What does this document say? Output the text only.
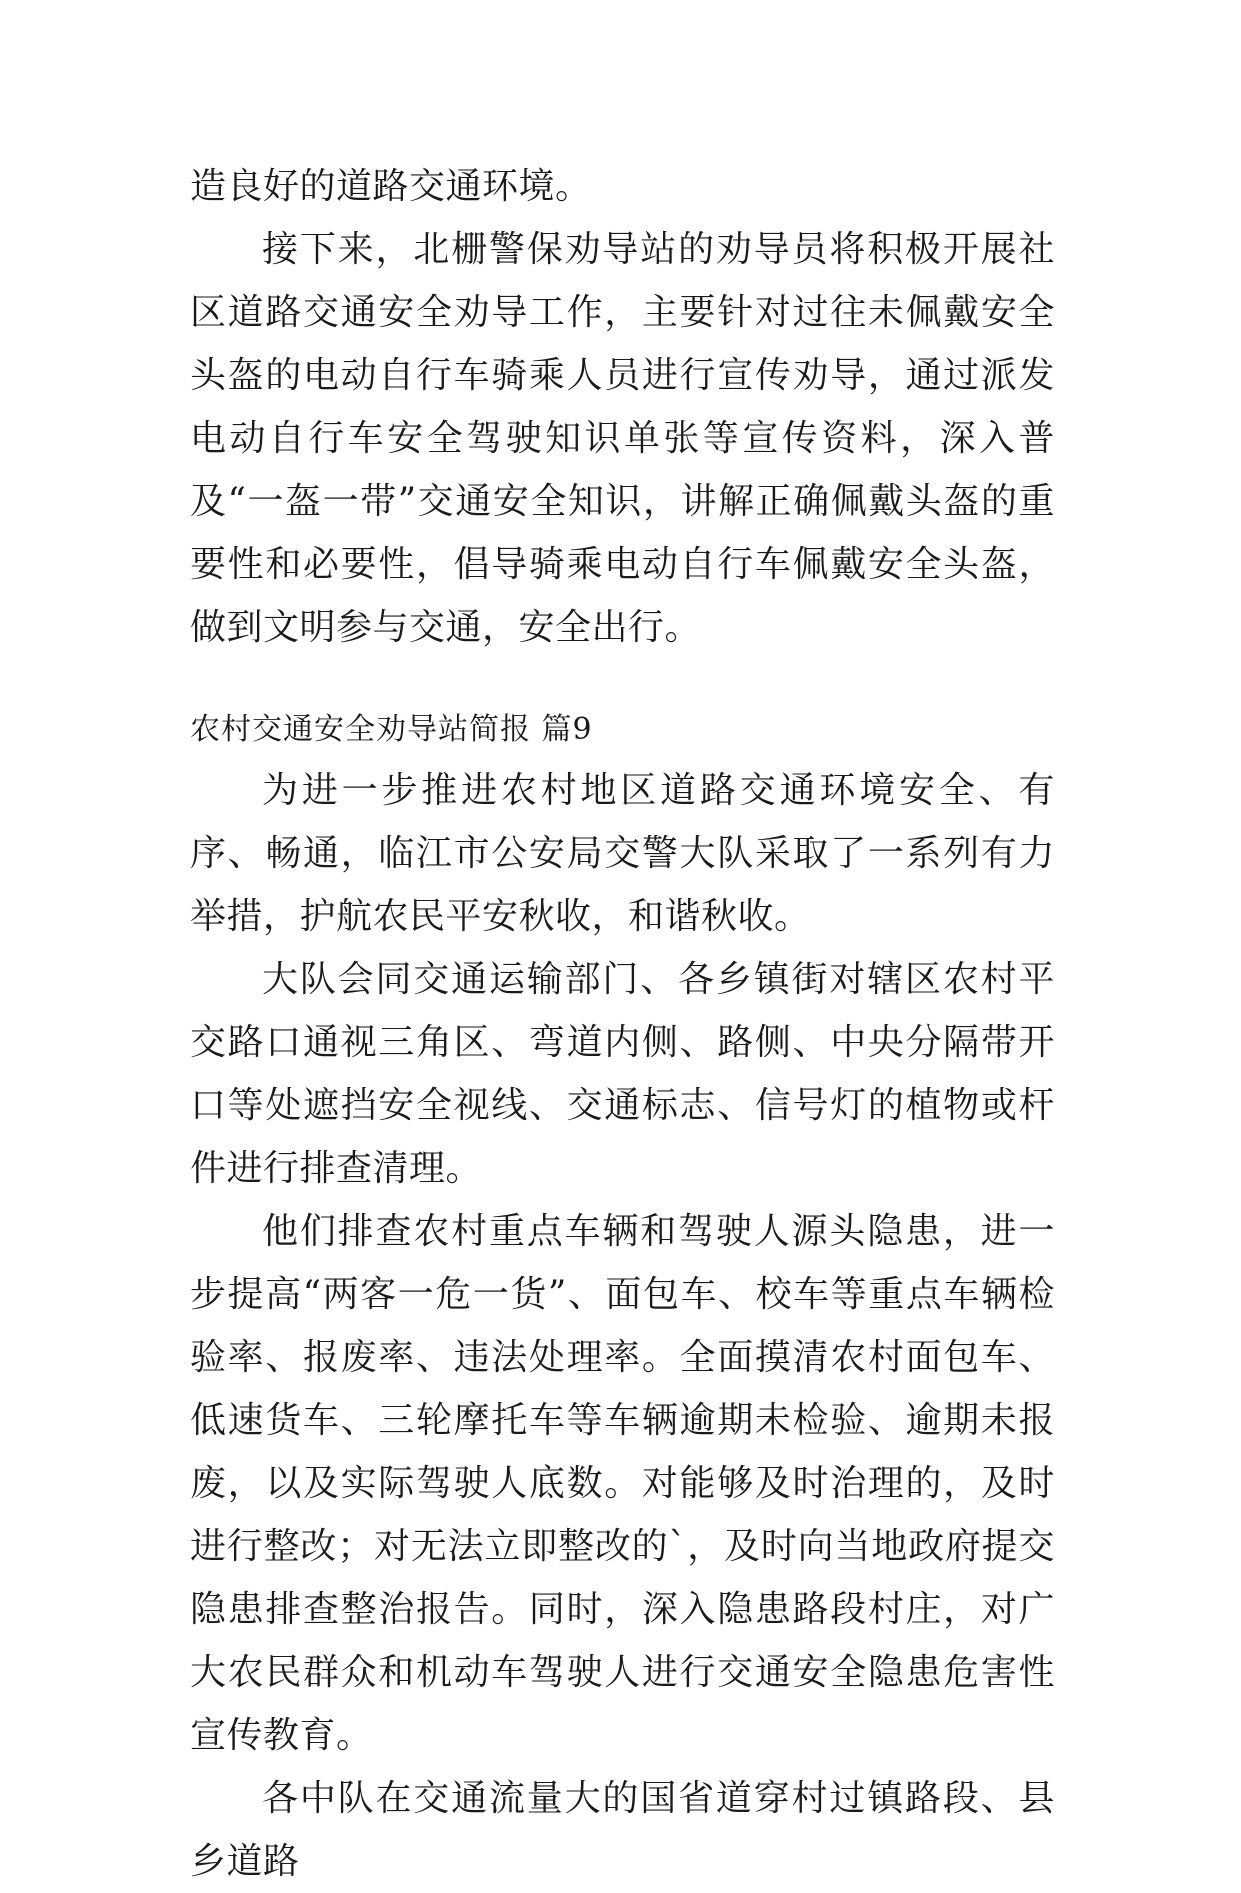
造良好的道路交通环境。

接下来，北栅警保劝导站的劝导员将积极开展社区道路交通安全劝导工作，主要针对过往未佩戴安全头盔的电动自行车骑乘人员进行宣传劝导，通过派发电动自行车安全驾驶知识单张等宣传资料，深入普及“一盔一带”交通安全知识，讲解正确佩戴头盔的重要性和必要性，倡导骑乘电动自行车佩戴安全头盔，做到文明参与交通，安全出行。

农村交通安全劝导站简报 篇9

为进一步推进农村地区道路交通环境安全、有序、畅通，临江市公安局交警大队采取了一系列有力举措，护航农民平安秋收，和谐秋收。

大队会同交通运输部门、各乡镇街对辖区农村平交路口通视三角区、弯道内侧、路侧、中央分隔带开口等处遮挡安全视线、交通标志、信号灯的植物或杆件进行排查清理。

他们排查农村重点车辆和驾驶人源头隐患，进一步提高“两客一危一货”、面包车、校车等重点车辆检验率、报废率、违法处理率。全面摸清农村面包车、低速货车、三轮摩托车等车辆逾期未检验、逾期未报废，以及实际驾驶人底数。对能够及时治理的，及时进行整改；对无法立即整改的`，及时向当地政府提交隐患排查整治报告。同时，深入隐患路段村庄，对广大农民群众和机动车驾驶人进行交通安全隐患危害性宣传教育。

各中队在交通流量大的国省道穿村过镇路段、县乡道路
